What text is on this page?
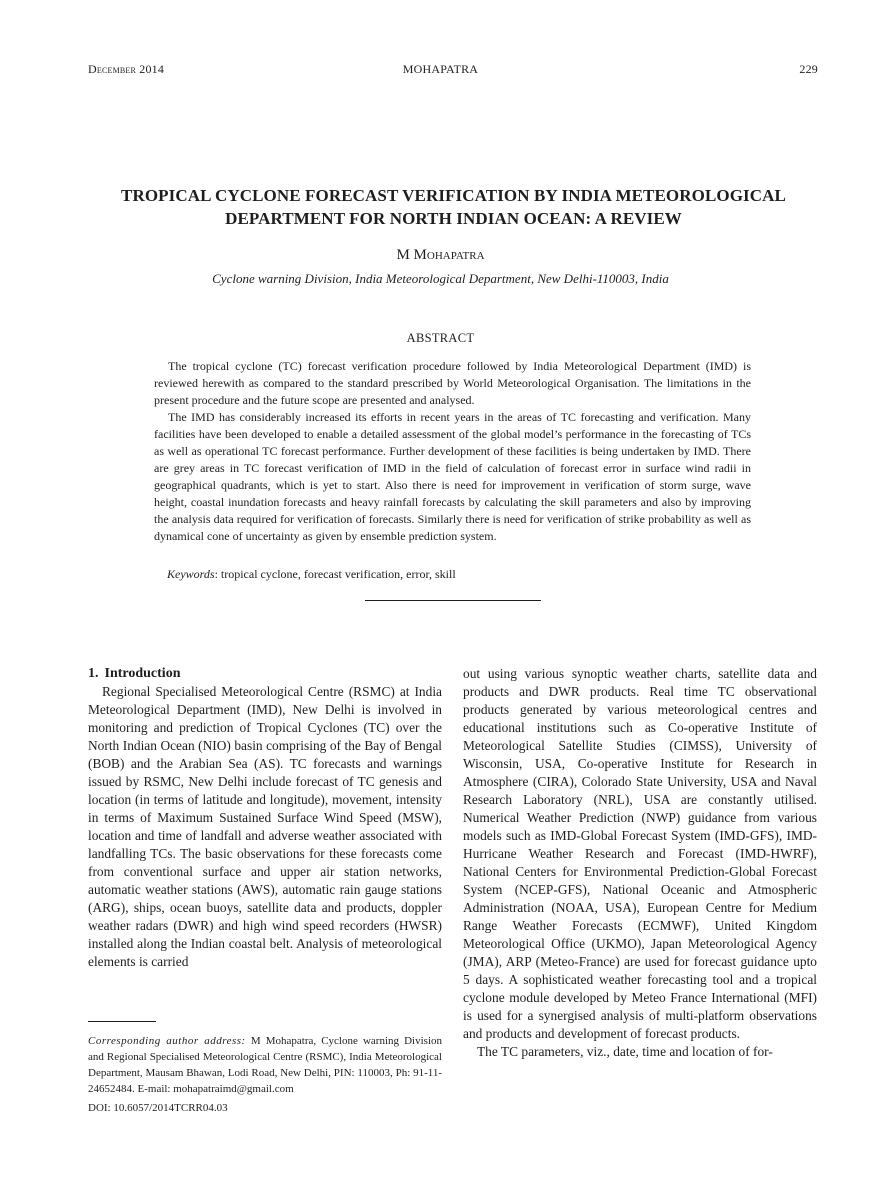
December 2014	MOHAPATRA	229
TROPICAL CYCLONE FORECAST VERIFICATION BY INDIA METEOROLOGICAL DEPARTMENT FOR NORTH INDIAN OCEAN: A REVIEW
M Mohapatra
Cyclone warning Division, India Meteorological Department, New Delhi-110003, India
ABSTRACT

The tropical cyclone (TC) forecast verification procedure followed by India Meteorological Department (IMD) is reviewed herewith as compared to the standard prescribed by World Meteorological Organisation. The limitations in the present procedure and the future scope are presented and analysed.

The IMD has considerably increased its efforts in recent years in the areas of TC forecasting and verification. Many facilities have been developed to enable a detailed assessment of the global model’s performance in the forecasting of TCs as well as operational TC forecast performance. Further development of these facilities is being undertaken by IMD. There are grey areas in TC forecast verification of IMD in the field of calculation of forecast error in surface wind radii in geographical quadrants, which is yet to start. Also there is need for improvement in verification of storm surge, wave height, coastal inundation forecasts and heavy rainfall forecasts by calculating the skill parameters and also by improving the analysis data required for verification of forecasts. Similarly there is need for verification of strike probability as well as dynamical cone of uncertainty as given by ensemble prediction system.

Keywords: tropical cyclone, forecast verification, error, skill
1. Introduction

Regional Specialised Meteorological Centre (RSMC) at India Meteorological Department (IMD), New Delhi is involved in monitoring and prediction of Tropical Cyclones (TC) over the North Indian Ocean (NIO) basin comprising of the Bay of Bengal (BOB) and the Arabian Sea (AS). TC forecasts and warnings issued by RSMC, New Delhi include forecast of TC genesis and location (in terms of latitude and longitude), movement, intensity in terms of Maximum Sustained Surface Wind Speed (MSW), location and time of landfall and adverse weather associated with landfalling TCs. The basic observations for these forecasts come from conventional surface and upper air station networks, automatic weather stations (AWS), automatic rain gauge stations (ARG), ships, ocean buoys, satellite data and products, doppler weather radars (DWR) and high wind speed recorders (HWSR) installed along the Indian coastal belt. Analysis of meteorological elements is carried

out using various synoptic weather charts, satellite data and products and DWR products. Real time TC observational products generated by various meteorological centres and educational institutions such as Co-operative Institute of Meteorological Satellite Studies (CIMSS), University of Wisconsin, USA, Co-operative Institute for Research in Atmosphere (CIRA), Colorado State University, USA and Naval Research Laboratory (NRL), USA are constantly utilised. Numerical Weather Prediction (NWP) guidance from various models such as IMD-Global Forecast System (IMD-GFS), IMD-Hurricane Weather Research and Forecast (IMD-HWRF), National Centers for Environmental Prediction-Global Forecast System (NCEP-GFS), National Oceanic and Atmospheric Administration (NOAA, USA), European Centre for Medium Range Weather Forecasts (ECMWF), United Kingdom Meteorological Office (UKMO), Japan Meteorological Agency (JMA), ARP (Meteo-France) are used for forecast guidance upto 5 days. A sophisticated weather forecasting tool and a tropical cyclone module developed by Meteo France International (MFI) is used for a synergised analysis of multi-platform observations and products and development of forecast products.

The TC parameters, viz., date, time and location of for-

Corresponding author address: M Mohapatra, Cyclone warning Division and Regional Specialised Meteorological Centre (RSMC), India Meteorological Department, Mausam Bhawan, Lodi Road, New Delhi, PIN: 110003, Ph: 91-11-24652484. E-mail: mohapatraimd@gmail.com
DOI: 10.6057/2014TCRR04.03
